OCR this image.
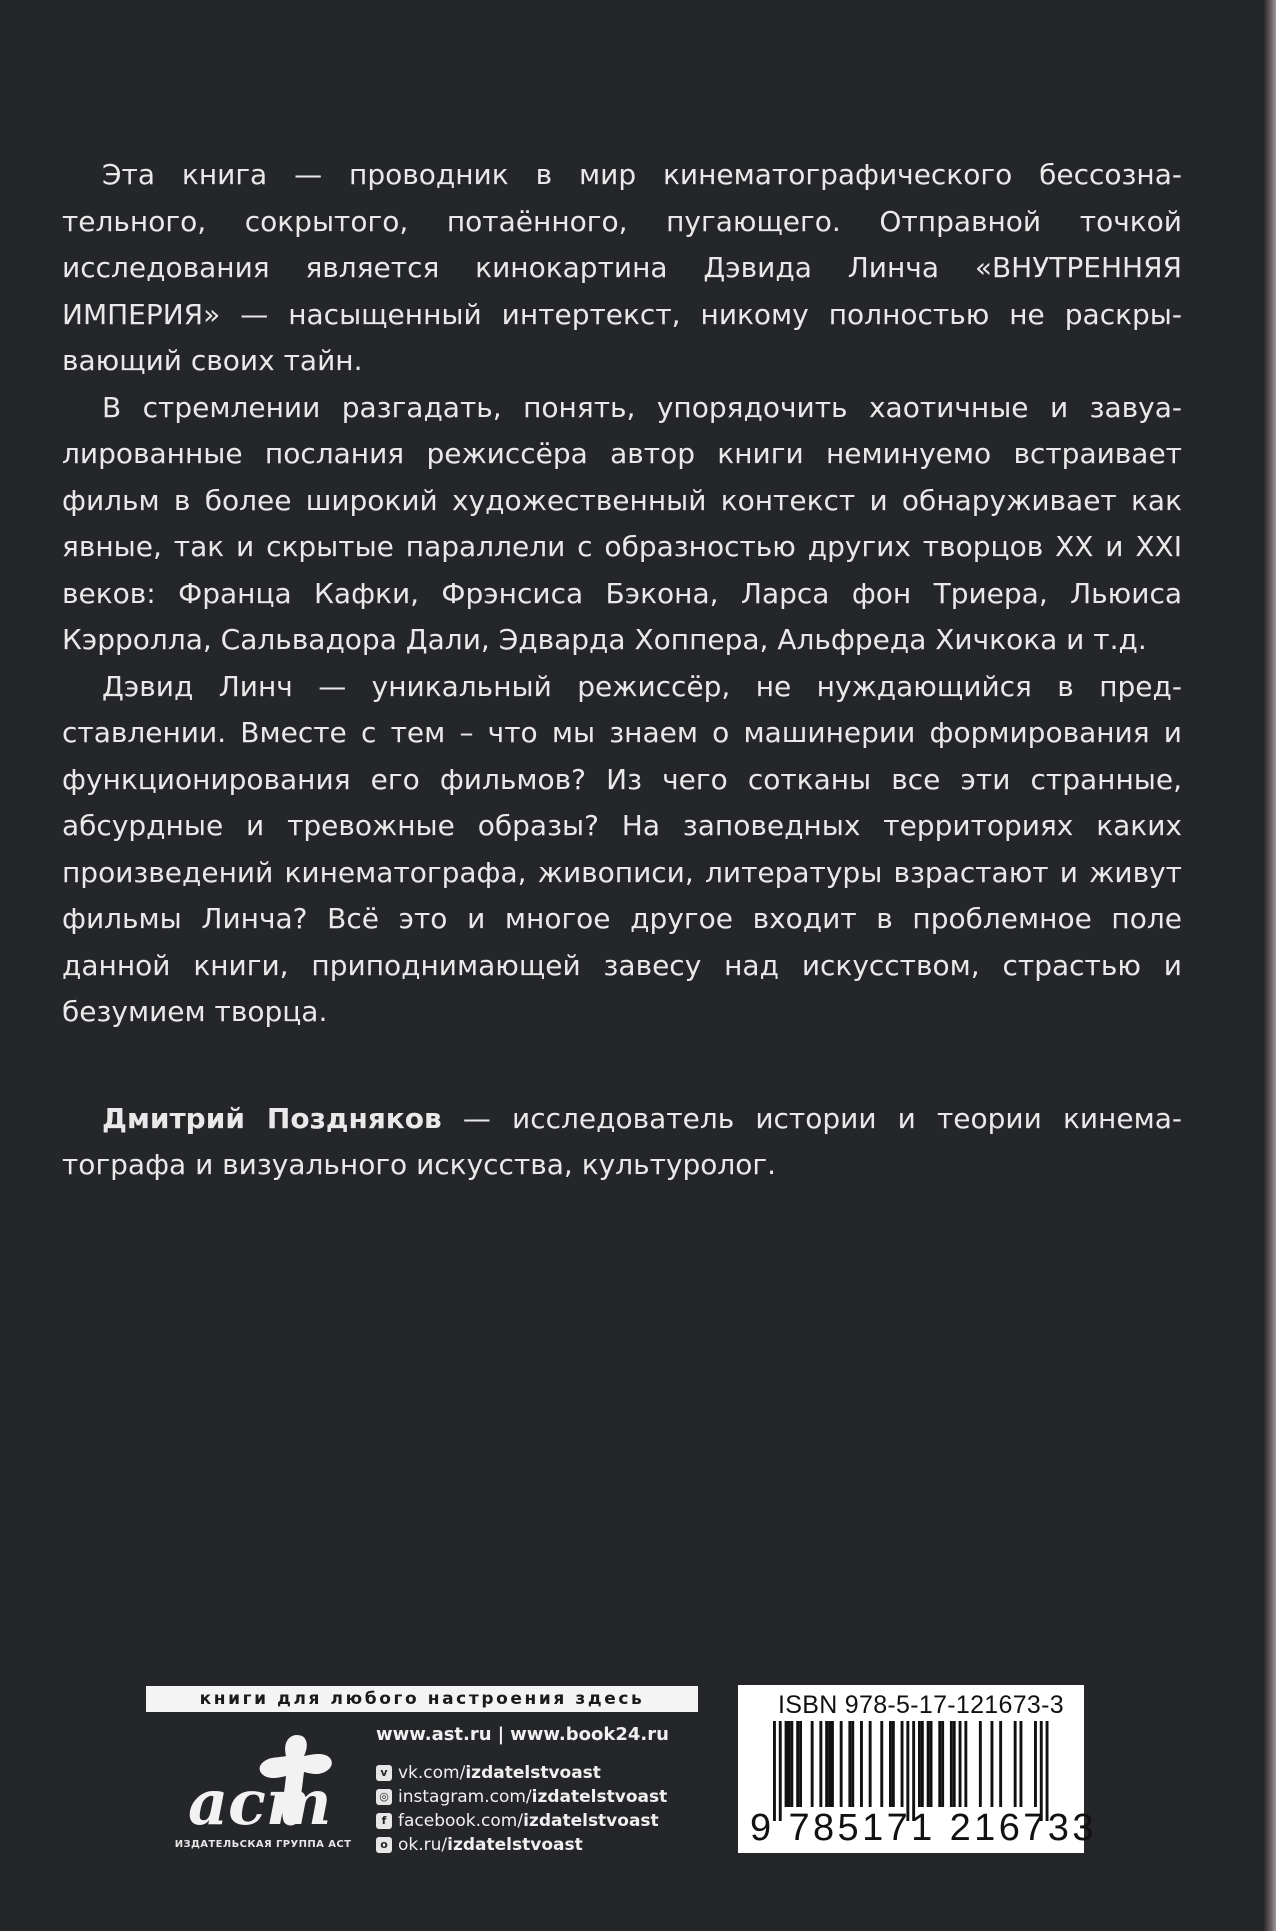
Эта книга — проводник в мир кинематографического бессознательного, сокрытого, потаённого, пугающего. Отправной точкой исследования является кинокартина Дэвида Линча «ВНУТРЕННЯЯ ИМПЕРИЯ» — насыщенный интертекст, никому полностью не раскрывающий своих тайн.

В стремлении разгадать, понять, упорядочить хаотичные и завуалированные послания режиссёра автор книги неминуемо встраивает фильм в более широкий художественный контекст и обнаруживает как явные, так и скрытые параллели с образностью других творцов XX и XXI веков: Франца Кафки, Фрэнсиса Бэкона, Ларса фон Триера, Льюиса Кэрролла, Сальвадора Дали, Эдварда Хоппера, Альфреда Хичкока и т.д.

Дэвид Линч — уникальный режиссёр, не нуждающийся в представлении. Вместе с тем – что мы знаем о машинерии формирования и функционирования его фильмов? Из чего сотканы все эти странные, абсурдные и тревожные образы? На заповедных территориях каких произведений кинематографа, живописи, литературы взрастают и живут фильмы Линча? Всё это и многое другое входит в проблемное поле данной книги, приподнимающей завесу над искусством, страстью и безумием творца.

Дмитрий Поздняков — исследователь истории и теории кинематографа и визуального искусства, культуролог.

книги для любого настроения здесь
аст
ИЗДАТЕЛЬСКАЯ ГРУППА АСТ
www.ast.ru | www.book24.ru
v vk.com/izdatelstvoast
◎ instagram.com/izdatelstvoast
f facebook.com/izdatelstvoast
o ok.ru/izdatelstvoast
ISBN 978-5-17-121673-3
9 785171 216733
